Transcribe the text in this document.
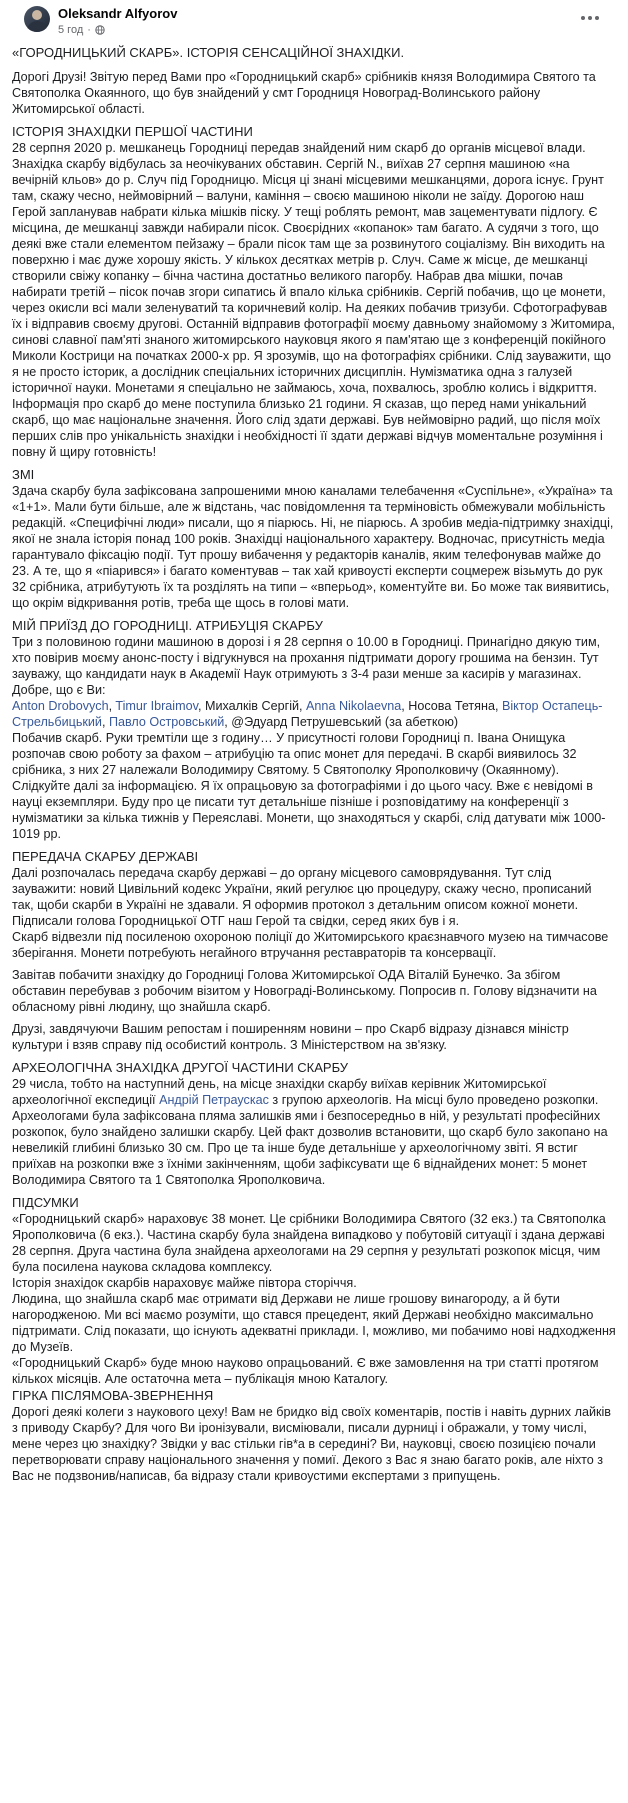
Oleksandr Alfyorov
5 год ·

«ГОРОДНИЦЬКИЙ СКАРБ». ІСТОРІЯ СЕНСАЦІЙНОЇ ЗНАХІДКИ.

Дорогі Друзі! Звітую перед Вами про «Городницький скарб» срібників князя Володимира Святого та Святополка Окаянного, що був знайдений у смт Городниця Новоград-Волинського району Житомирської області.

ІСТОРІЯ ЗНАХІДКИ ПЕРШОЇ ЧАСТИНИ

28 серпня 2020 р. мешканець Городниці передав знайдений ним скарб до органів місцевої влади. Знахідка скарбу відбулась за неочікуваних обставин. Сергій N., виїхав 27 серпня машиною «на вечірній кльов» до р. Случ під Городницю. Місця ці знані місцевими мешканцями, дорога існує. Грунт там, скажу чесно, неймовірний – валуни, каміння – своєю машиною ніколи не заїду. Дорогою наш Герой запланував набрати кілька мішків піску. У тещі роблять ремонт, мав зацементувати підлогу. Є місцина, де мешканці завжди набирали пісок. Своєрідних «копанок» там багато. А судячи з того, що деякі вже стали елементом пейзажу – брали пісок там ще за розвинутого соціалізму. Він виходить на поверхню і має дуже хорошу якість. У кількох десятках метрів р. Случ. Саме ж місце, де мешканці створили свіжу копанку – бічна частина достатньо великого пагорбу. Набрав два мішки, почав набирати третій – пісок почав згори сипатись й впало кілька срібників. Сергій побачив, що це монети, через окисли всі мали зеленуватий та коричневий колір. На деяких побачив тризуби. Сфотографував їх і відправив своєму другові. Останній відправив фотографії моєму давньому знайомому з Житомира, синові славної пам'яті знаного житомирського науковця якого я пам'ятаю ще з конференцій покійного Миколи Кострици на початках 2000-х рр. Я зрозумів, що на фотографіях срібники. Слід зауважити, що я не просто історик, а дослідник спеціальних історичних дисциплін. Нумізматика одна з галузей історичної науки. Монетами я спеціально не займаюсь, хоча, похвалюсь, зроблю колись і відкриття. Інформація про скарб до мене поступила близько 21 години. Я сказав, що перед нами унікальний скарб, що має національне значення. Його слід здати державі. Був неймовірно радий, що після моїх перших слів про унікальність знахідки і необхідності її здати державі відчув моментальне розуміння і повну й щиру готовність!

ЗМІ

Здача скарбу була зафіксована запрошеними мною каналами телебачення «Суспільне», «Україна» та «1+1». Мали бути більше, але ж відстань, час повідомлення та терміновість обмежували мобільність редакцій. «Специфічні люди» писали, що я піарюсь. Ні, не піарюсь. А зробив медіа-підтримку знахідці, якої не знала історія понад 100 років. Знахідці національного характеру. Водночас, присутність медіа гарантувало фіксацію події. Тут прошу вибачення у редакторів каналів, яким телефонував майже до 23. А те, що я «піарився» і багато коментував – так хай кривоусті експерти соцмереж візьмуть до рук 32 срібника, атрибутують їх та розділять на типи – «вперьод», коментуйте ви. Бо може так виявитись, що окрім відкривання ротів, треба ще щось в голові мати.

МІЙ ПРИЇЗД ДО ГОРОДНИЦІ. АТРИБУЦІЯ СКАРБУ

Три з половиною години машиною в дорозі і я 28 серпня о 10.00 в Городниці. Принагідно дякую тим, хто повірив моєму анонс-посту і відгукнувся на прохання підтримати дорогу грошима на бензин. Тут зауважу, що кандидати наук в Академії Наук отримують з 3-4 рази менше за касирів у магазинах. Добре, що є Ви:

Anton Drobovych, Timur Ibraimov, Михалків Сергій, Anna Nikolaevna, Носова Тетяна, Віктор Остапець-Стрельбицький, Павло Островський, @Эдуард Петрушевський (за абеткою)

Побачив скарб. Руки тремтіли ще з годину… У присутності голови Городниці п. Івана Онищука розпочав свою роботу за фахом – атрибуцію та опис монет для передачі. В скарбі виявилось 32 срібника, з них 27 належали Володимиру Святому. 5 Святополку Ярополковичу (Окаянному). Слідкуйте далі за інформацією. Я їх опрацьовую за фотографіями і до цього часу. Вже є невідомі в науці екземпляри. Буду про це писати тут детальніше пізніше і розповідатиму на конференції з нумізматики за кілька тижнів у Переяславі. Монети, що знаходяться у скарбі, слід датувати між 1000-1019 рр.

ПЕРЕДАЧА СКАРБУ ДЕРЖАВІ

Далі розпочалась передача скарбу державі – до органу місцевого самоврядування. Тут слід зауважити: новий Цивільний кодекс України, який регулює цю процедуру, скажу чесно, прописаний так, щоби скарби в Україні не здавали. Я оформив протокол з детальним описом кожної монети. Підписали голова Городницької ОТГ наш Герой та свідки, серед яких був і я.

Скарб відвезли під посиленою охороною поліції до Житомирського краєзнавчого музею на тимчасове зберігання. Монети потребують негайного втручання реставраторів та консервації.

Завітав побачити знахідку до Городниці Голова Житомирської ОДА Віталій Бунечко. За збігом обставин перебував з робочим візитом у Новограді-Волинському. Попросив п. Голову відзначити на обласному рівні людину, що знайшла скарб.

Друзі, завдячуючи Вашим репостам і поширенням новини – про Скарб відразу дізнався міністр культури і взяв справу під особистий контроль. З Міністерством на зв'язку.

АРХЕОЛОГІЧНА ЗНАХІДКА ДРУГОЇ ЧАСТИНИ СКАРБУ

29 числа, тобто на наступний день, на місце знахідки скарбу виїхав керівник Житомирської археологічної експедиції Андрій Петраускас з групою археологів. На місці було проведено розкопки. Археологами була зафіксована пляма залишків ями і безпосередньо в ній, у результаті професійних розкопок, було знайдено залишки скарбу. Цей факт дозволив встановити, що скарб було закопано на невеликій глибині близько 30 см. Про це та інше буде детальніше у археологічному звіті. Я встиг приїхав на розкопки вже з їхніми закінченням, щоби зафіксувати ще 6 віднайдених монет: 5 монет Володимира Святого та 1 Святополка Ярополковича.

ПІДСУМКИ

«Городницький скарб» нараховує 38 монет. Це срібники Володимира Святого (32 екз.) та Святополка Ярополковича (6 екз.). Частина скарбу була знайдена випадково у побутовій ситуації і здана державі 28 серпня. Друга частина була знайдена археологами на 29 серпня у результаті розкопок місця, чим була посилена наукова складова комплексу.

Історія знахідок скарбів нараховує майже півтора сторіччя.

Людина, що знайшла скарб має отримати від Держави не лише грошову винагороду, а й бути нагородженою. Ми всі маємо розуміти, що стався прецедент, який Державі необхідно максимально підтримати. Слід показати, що існують адекватні приклади. І, можливо, ми побачимо нові надходження до Музеїв.

«Городницький Скарб» буде мною науково опрацьований. Є вже замовлення на три статті протягом кількох місяців. Але остаточна мета – публікація мною Каталогу.

ГІРКА ПІСЛЯМОВА-ЗВЕРНЕННЯ

Дорогі деякі колеги з наукового цеху! Вам не бридко від своїх коментарів, постів і навіть дурних лайків з приводу Скарбу? Для чого Ви іронізували, висміювали, писали дурниці і ображали, у тому числі, мене через цю знахідку? Звідки у вас стільки гів*а в середині? Ви, науковці, своєю позицією почали перетворювати справу національного значення у помиї. Декого з Вас я знаю багато років, але ніхто з Вас не подзвонив/написав, ба відразу стали кривоустими експертами з припущень.
